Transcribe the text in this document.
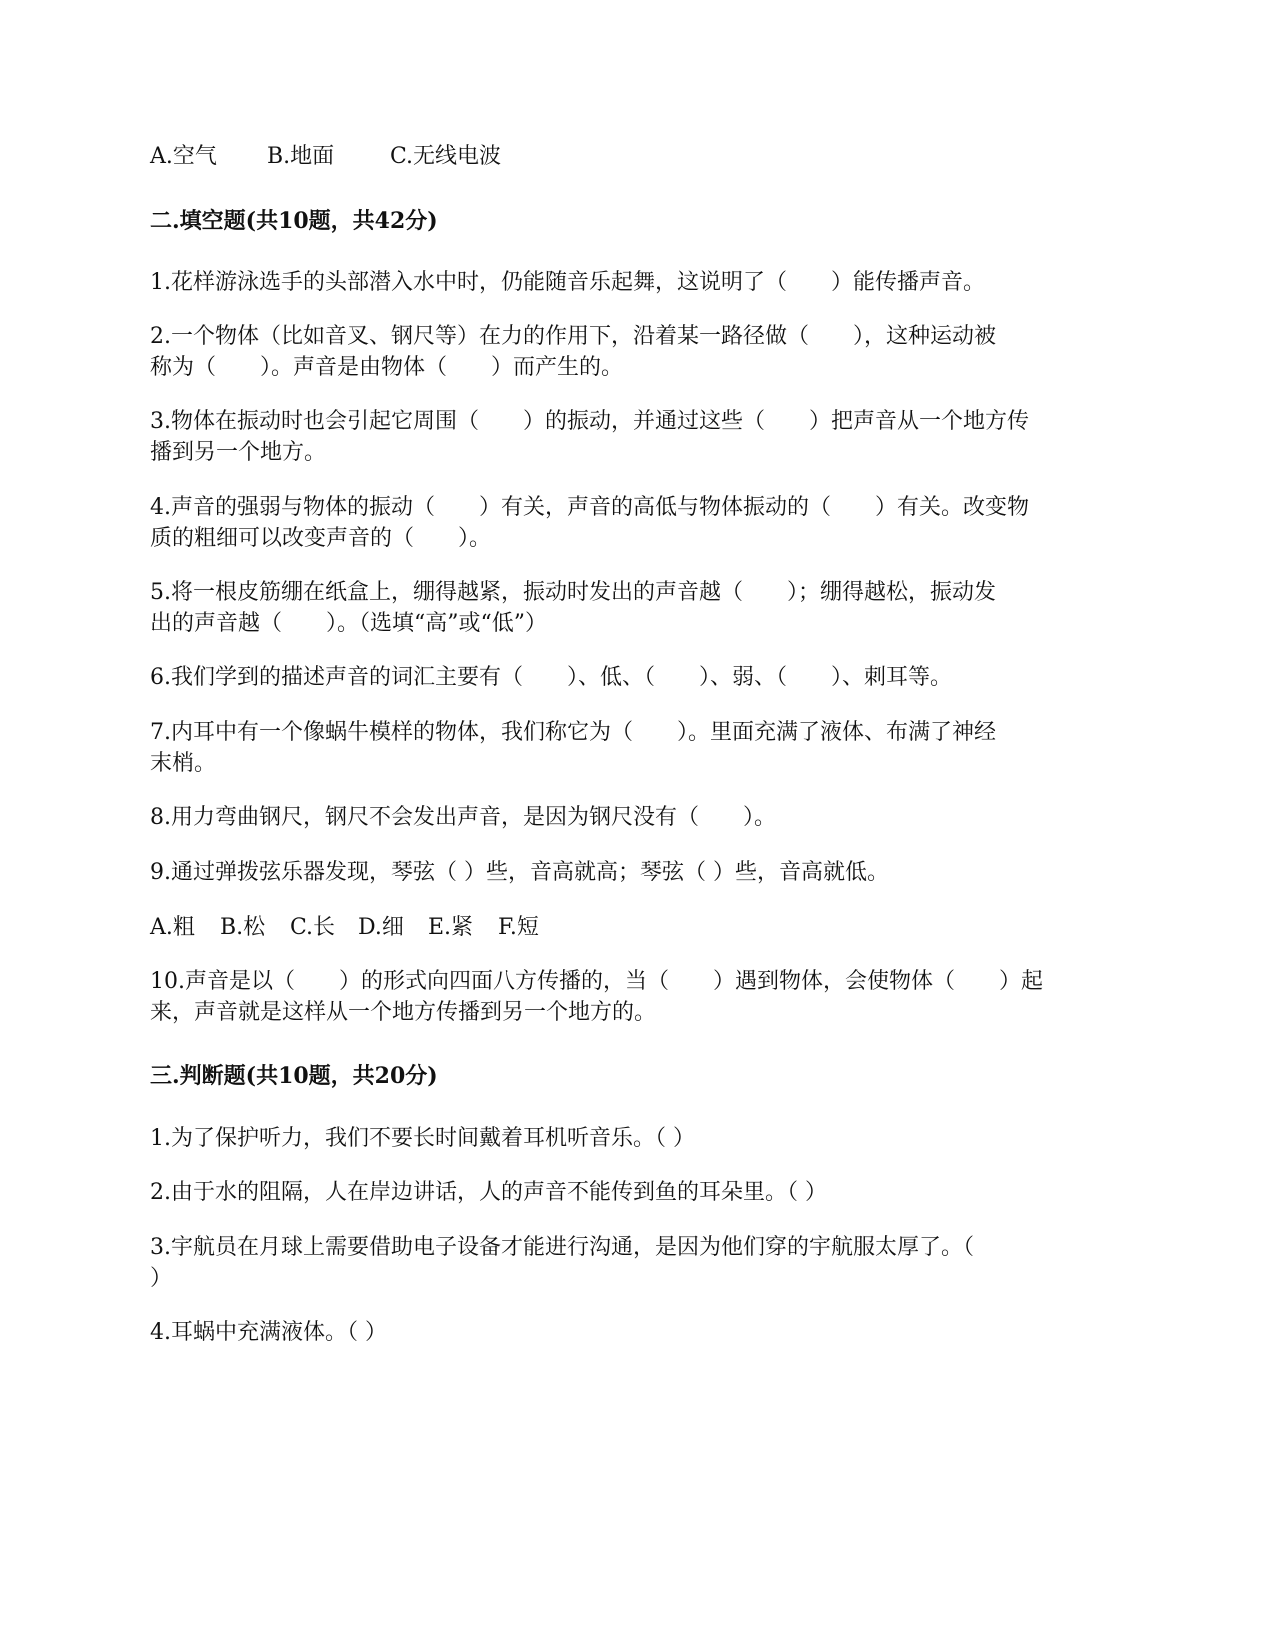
A.空气 B.地面	C.无线电波
二.填空题(共10题，共42分)
1.花样游泳选手的头部潜入水中时，仍能随音乐起舞，这说明了（　　）能传播声音。
2.一个物体（比如音叉、钢尺等）在力的作用下，沿着某一路径做（　　），这种运动被
称为（　　）。声音是由物体（　　）而产生的。
3.物体在振动时也会引起它周围（　　）的振动，并通过这些（　　）把声音从一个地方传
播到另一个地方。
4.声音的强弱与物体的振动（　　）有关，声音的高低与物体振动的（　　）有关。改变物
质的粗细可以改变声音的（　　）。
5.将一根皮筋绷在纸盒上，绷得越紧，振动时发出的声音越（　　）；绷得越松，振动发
出的声音越（　　）。（选填“高”或“低”）
6.我们学到的描述声音的词汇主要有（　　）、低、（　　）、弱、（　　）、刺耳等。
7.内耳中有一个像蜗牛模样的物体，我们称它为（　　）。里面充满了液体、布满了神经
末梢。
8.用力弯曲钢尺，钢尺不会发出声音，是因为钢尺没有（　　）。
9.通过弹拨弦乐器发现，琴弦（ ）些，音高就高；琴弦（ ）些，音高就低。
A.粗 B.松 C.长 D.细 E.紧 F.短
10.声音是以（　　）的形式向四面八方传播的，当（　　）遇到物体，会使物体（　　）起
来，声音就是这样从一个地方传播到另一个地方的。
三.判断题(共10题，共20分)
1.为了保护听力，我们不要长时间戴着耳机听音乐。（ ）
2.由于水的阻隔，人在岸边讲话，人的声音不能传到鱼的耳朵里。（ ）
3.宇航员在月球上需要借助电子设备才能进行沟通，是因为他们穿的宇航服太厚了。（
）
4.耳蜗中充满液体。（ ）
